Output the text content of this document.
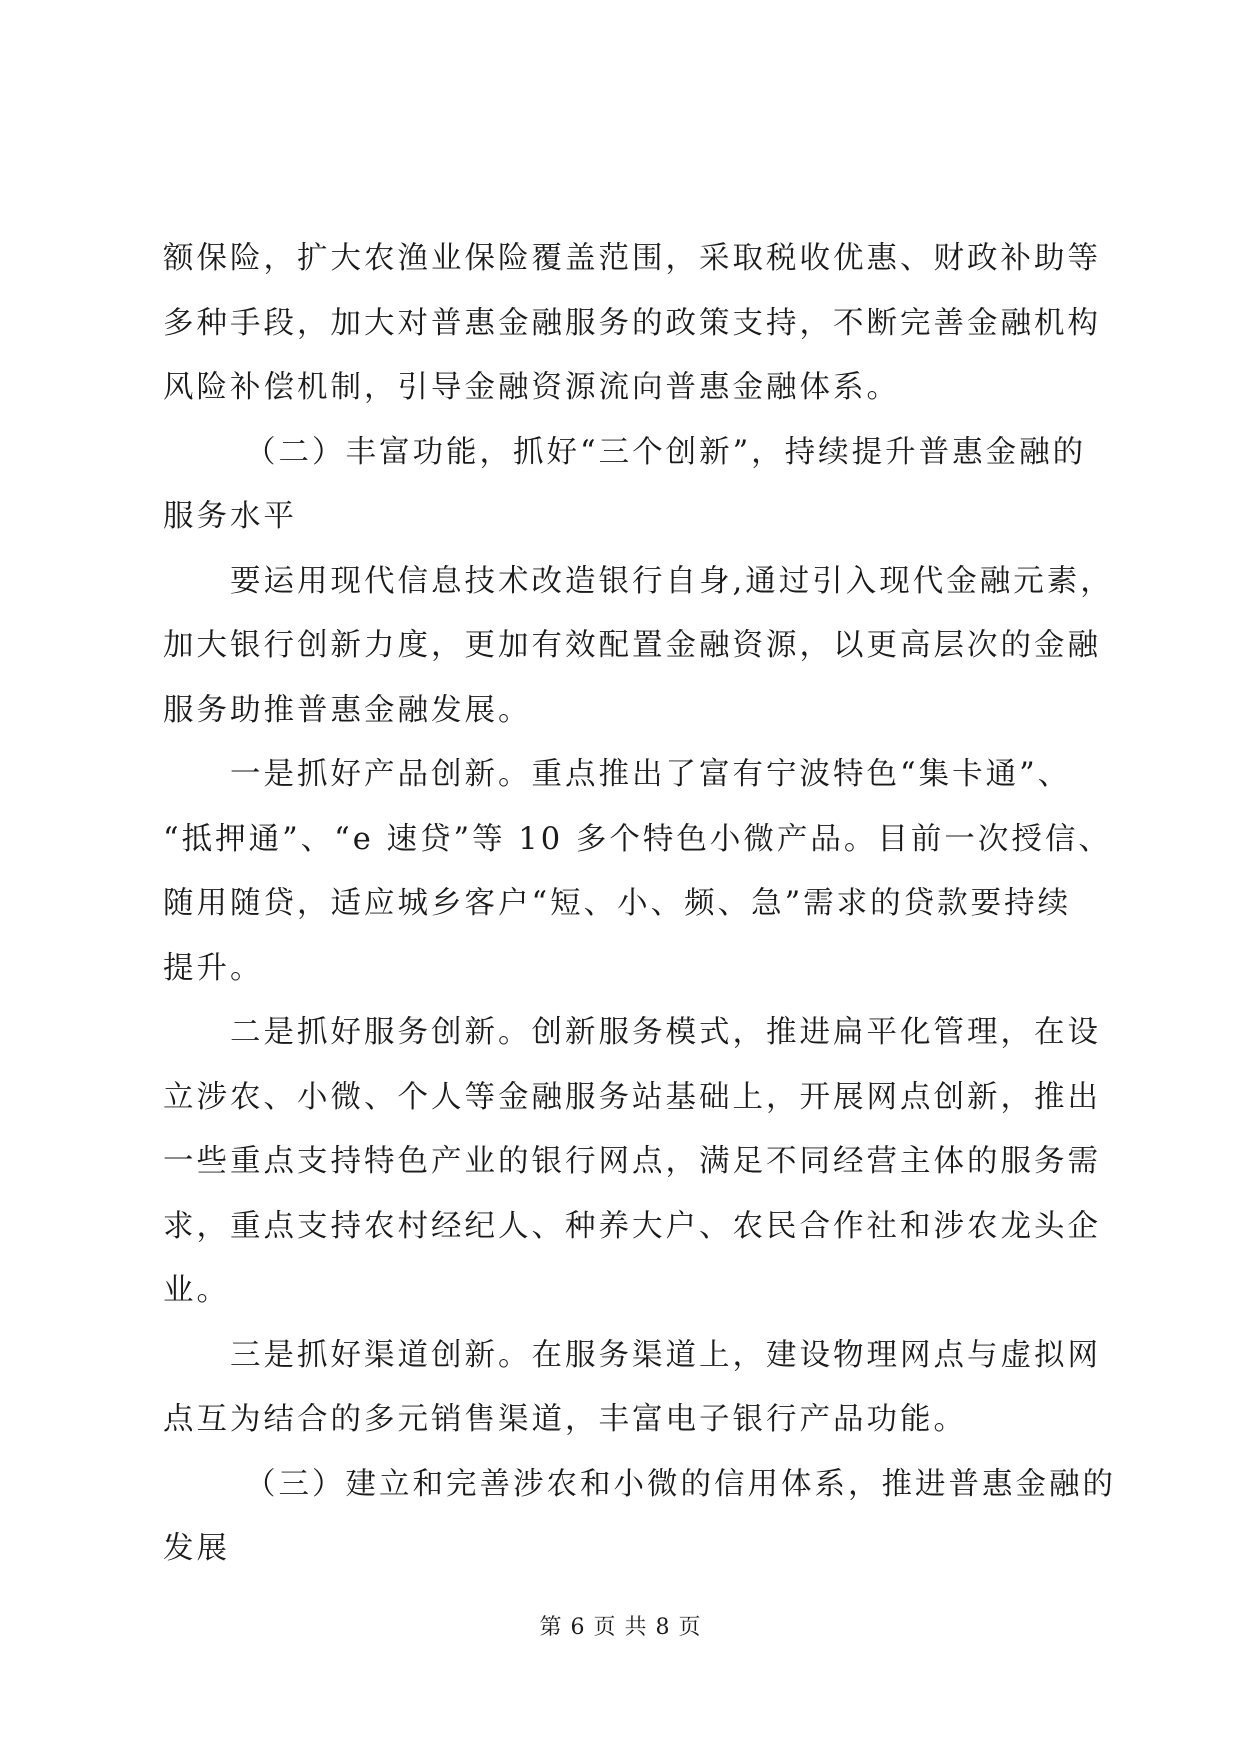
额保险，扩大农渔业保险覆盖范围，采取税收优惠、财政补助等
多种手段，加大对普惠金融服务的政策支持，不断完善金融机构
风险补偿机制，引导金融资源流向普惠金融体系。
（二）丰富功能，抓好“三个创新”，持续提升普惠金融的
服务水平
要运用现代信息技术改造银行自身,通过引入现代金融元素，
加大银行创新力度，更加有效配置金融资源，以更高层次的金融
服务助推普惠金融发展。
一是抓好产品创新。重点推出了富有宁波特色“集卡通”、
“抵押通”、“e 速贷”等 10 多个特色小微产品。目前一次授信、
随用随贷，适应城乡客户“短、小、频、急”需求的贷款要持续
提升。
二是抓好服务创新。创新服务模式，推进扁平化管理，在设
立涉农、小微、个人等金融服务站基础上，开展网点创新，推出
一些重点支持特色产业的银行网点，满足不同经营主体的服务需
求，重点支持农村经纪人、种养大户、农民合作社和涉农龙头企
业。
三是抓好渠道创新。在服务渠道上，建设物理网点与虚拟网
点互为结合的多元销售渠道，丰富电子银行产品功能。
（三）建立和完善涉农和小微的信用体系，推进普惠金融的
发展
第 6 页 共 8 页
